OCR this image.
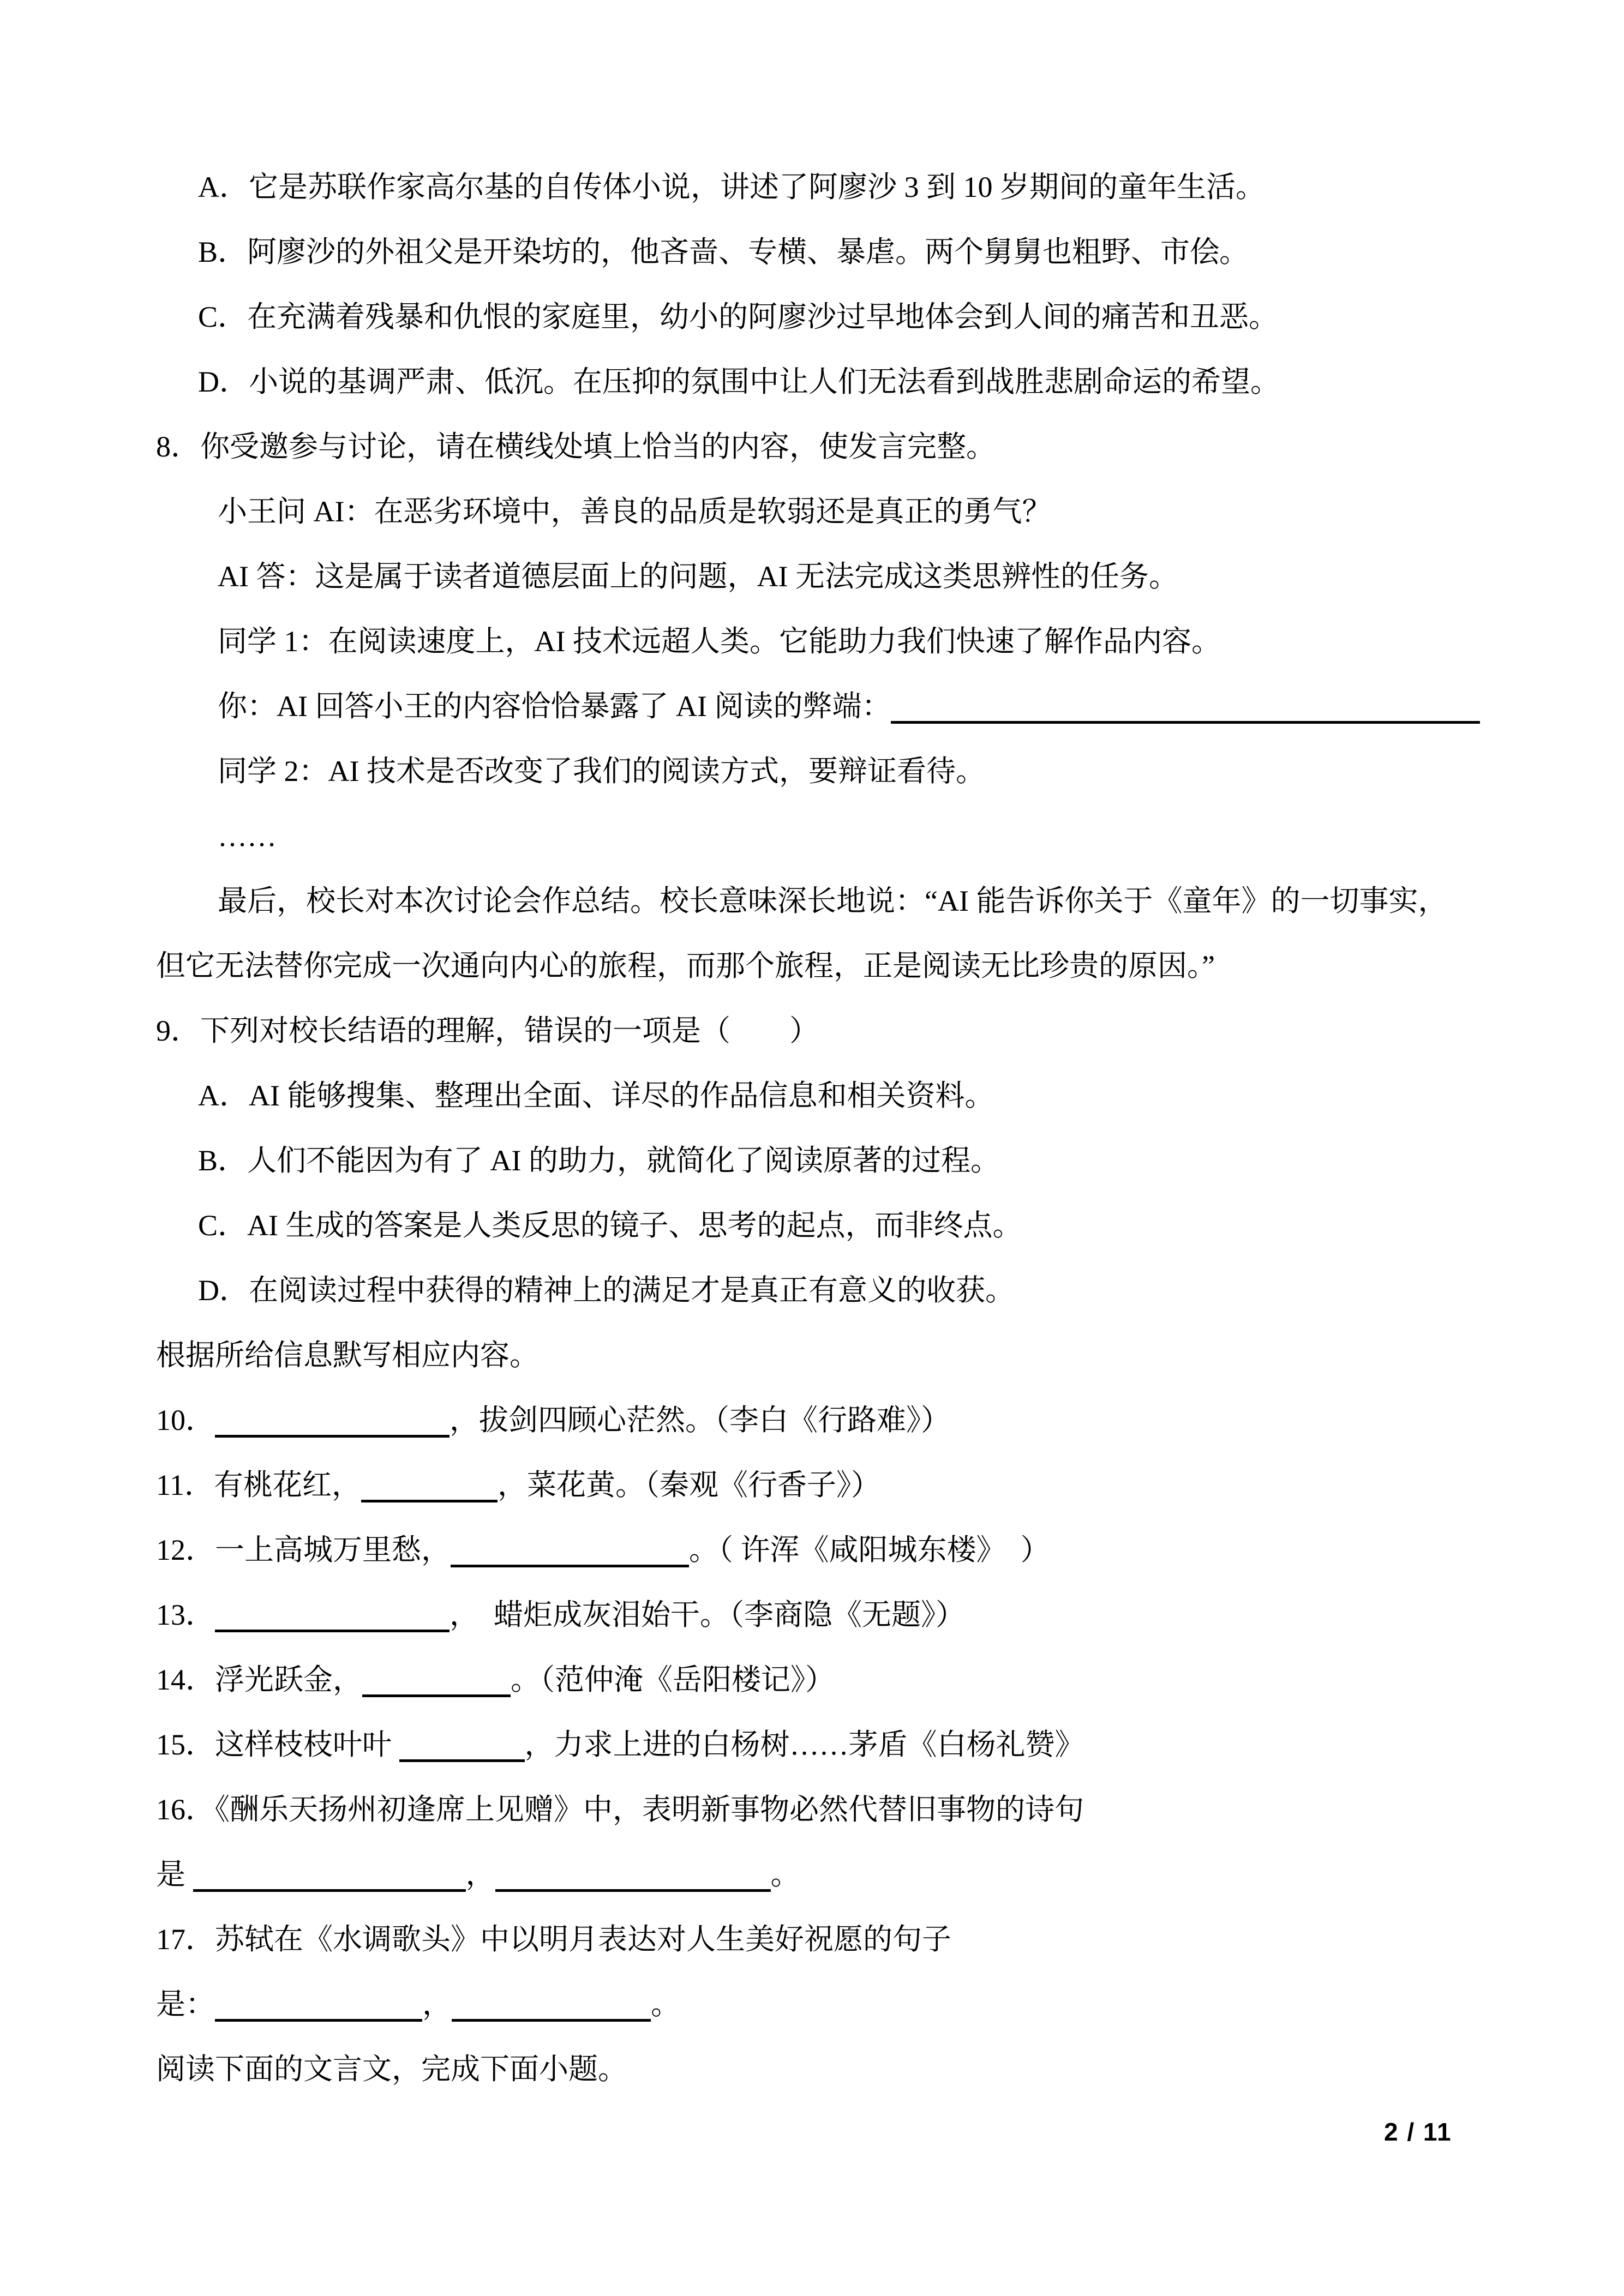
A．它是苏联作家高尔基的自传体小说，讲述了阿廖沙 3 到 10 岁期间的童年生活。
B．阿廖沙的外祖父是开染坊的，他吝啬、专横、暴虐。两个舅舅也粗野、市侩。
C．在充满着残暴和仇恨的家庭里，幼小的阿廖沙过早地体会到人间的痛苦和丑恶。
D．小说的基调严肃、低沉。在压抑的氛围中让人们无法看到战胜悲剧命运的希望。
8．你受邀参与讨论，请在横线处填上恰当的内容，使发言完整。
小王问 AI：在恶劣环境中，善良的品质是软弱还是真正的勇气？
AI 答：这是属于读者道德层面上的问题，AI 无法完成这类思辨性的任务。
同学 1：在阅读速度上，AI 技术远超人类。它能助力我们快速了解作品内容。
你：AI 回答小王的内容恰恰暴露了 AI 阅读的弊端：
同学 2：AI 技术是否改变了我们的阅读方式，要辩证看待。
……
最后，校长对本次讨论会作总结。校长意味深长地说：“AI 能告诉你关于《童年》的一切事实，
但它无法替你完成一次通向内心的旅程，而那个旅程，正是阅读无比珍贵的原因。”
9．下列对校长结语的理解，错误的一项是（　　）
A．AI 能够搜集、整理出全面、详尽的作品信息和相关资料。
B．人们不能因为有了 AI 的助力，就简化了阅读原著的过程。
C．AI 生成的答案是人类反思的镜子、思考的起点，而非终点。
D．在阅读过程中获得的精神上的满足才是真正有意义的收获。
根据所给信息默写相应内容。
10．	，拔剑四顾心茫然。（李白《行路难》）
11．有桃花红，	，菜花黄。（秦观《行香子》）
12．一上高城万里愁，	。（ 许浑《咸阳城东楼》　）
13．	，　蜡炬成灰泪始干。（李商隐《无题》）
14．浮光跃金，	。（范仲淹《岳阳楼记》）
15．这样枝枝叶叶	，力求上进的白杨树……茅盾《白杨礼赞》
16．《酬乐天扬州初逢席上见赠》中，表明新事物必然代替旧事物的诗句
是	，	。
17．苏轼在《水调歌头》中以明月表达对人生美好祝愿的句子
是：	，	。
阅读下面的文言文，完成下面小题。
2 / 11
